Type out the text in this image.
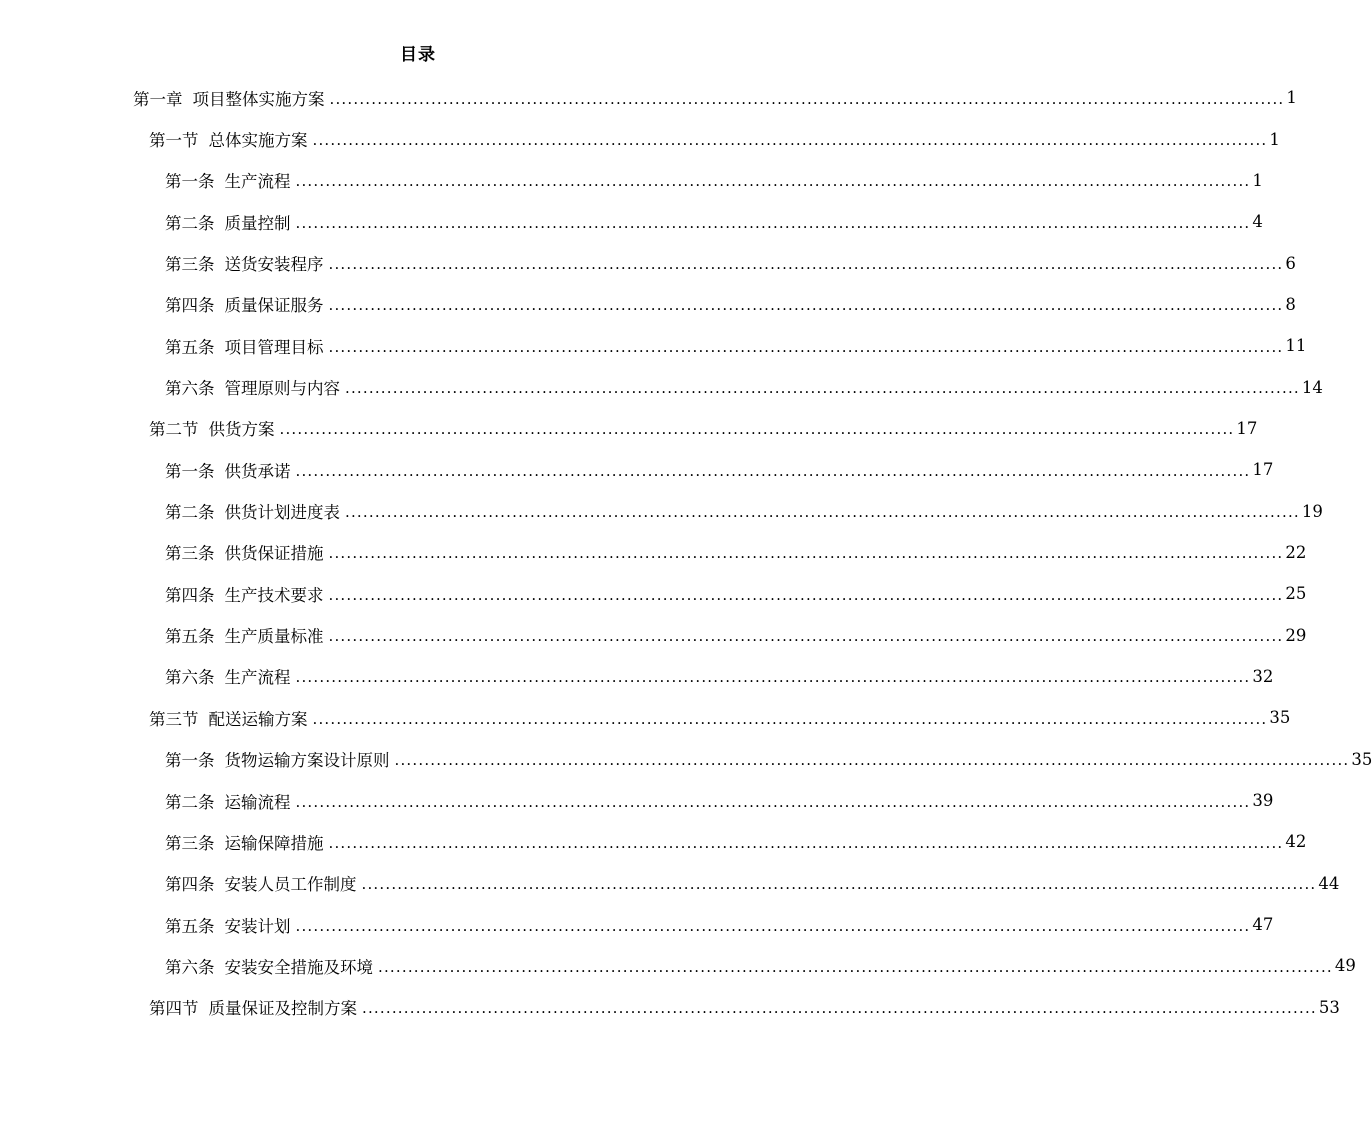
目录
第一章 项目整体实施方案 ................................................................................................................................................................ 1
第一节 总体实施方案 ................................................................................................................................................................ 1
第一条 生产流程 ................................................................................................................................................................ 1
第二条 质量控制 ................................................................................................................................................................ 4
第三条 送货安装程序 ................................................................................................................................................................ 6
第四条 质量保证服务 ................................................................................................................................................................ 8
第五条 项目管理目标 ................................................................................................................................................................ 11
第六条 管理原则与内容 ................................................................................................................................................................ 14
第二节 供货方案 ................................................................................................................................................................ 17
第一条 供货承诺 ................................................................................................................................................................ 17
第二条 供货计划进度表 ................................................................................................................................................................ 19
第三条 供货保证措施 ................................................................................................................................................................ 22
第四条 生产技术要求 ................................................................................................................................................................ 25
第五条 生产质量标准 ................................................................................................................................................................ 29
第六条 生产流程 ................................................................................................................................................................ 32
第三节 配送运输方案 ................................................................................................................................................................ 35
第一条 货物运输方案设计原则 ................................................................................................................................................................ 35
第二条 运输流程 ................................................................................................................................................................ 39
第三条 运输保障措施 ................................................................................................................................................................ 42
第四条 安装人员工作制度 ................................................................................................................................................................ 44
第五条 安装计划 ................................................................................................................................................................ 47
第六条 安装安全措施及环境 ................................................................................................................................................................ 49
第四节 质量保证及控制方案 ................................................................................................................................................................ 53
